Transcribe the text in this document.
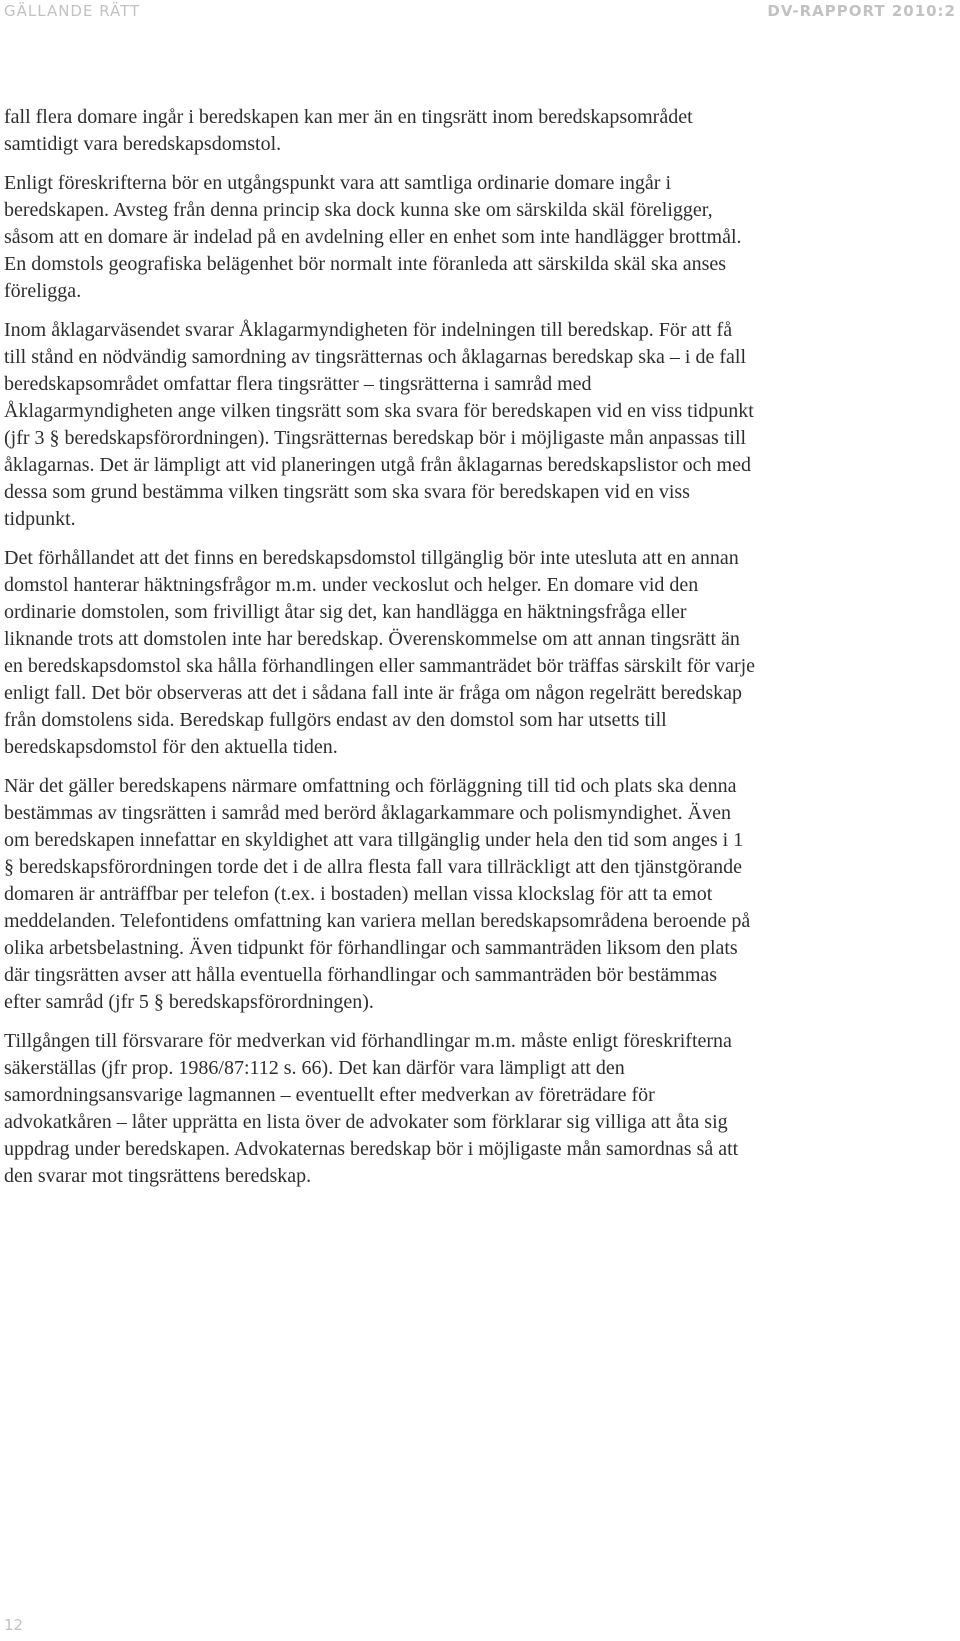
GÄLLANDE RÄTT	DV-RAPPORT 2010:2

fall flera domare ingår i beredskapen kan mer än en tingsrätt inom beredskapsområdet samtidigt vara beredskapsdomstol.

Enligt föreskrifterna bör en utgångspunkt vara att samtliga ordinarie domare ingår i beredskapen. Avsteg från denna princip ska dock kunna ske om särskilda skäl föreligger, såsom att en domare är indelad på en avdelning eller en enhet som inte handlägger brottmål. En domstols geografiska belägenhet bör normalt inte föranleda att särskilda skäl ska anses föreligga.

Inom åklagarväsendet svarar Åklagarmyndigheten för indelningen till beredskap. För att få till stånd en nödvändig samordning av tingsrätternas och åklagarnas beredskap ska – i de fall beredskapsområdet omfattar flera tingsrätter – tingsrätterna i samråd med Åklagarmyndigheten ange vilken tingsrätt som ska svara för beredskapen vid en viss tidpunkt (jfr 3 § beredskapsförordningen). Tingsrätternas beredskap bör i möjligaste mån anpassas till åklagarnas. Det är lämpligt att vid planeringen utgå från åklagarnas beredskapslistor och med dessa som grund bestämma vilken tingsrätt som ska svara för beredskapen vid en viss tidpunkt.

Det förhållandet att det finns en beredskapsdomstol tillgänglig bör inte utesluta att en annan domstol hanterar häktningsfrågor m.m. under veckoslut och helger. En domare vid den ordinarie domstolen, som frivilligt åtar sig det, kan handlägga en häktningsfråga eller liknande trots att domstolen inte har beredskap. Överenskommelse om att annan tingsrätt än en beredskapsdomstol ska hålla förhandlingen eller sammanträdet bör träffas särskilt för varje enligt fall. Det bör observeras att det i sådana fall inte är fråga om någon regelrätt beredskap från domstolens sida. Beredskap fullgörs endast av den domstol som har utsetts till beredskapsdomstol för den aktuella tiden.

När det gäller beredskapens närmare omfattning och förläggning till tid och plats ska denna bestämmas av tingsrätten i samråd med berörd åklagarkammare och polismyndighet. Även om beredskapen innefattar en skyldighet att vara tillgänglig under hela den tid som anges i 1 § beredskapsförordningen torde det i de allra flesta fall vara tillräckligt att den tjänstgörande domaren är anträffbar per telefon (t.ex. i bostaden) mellan vissa klockslag för att ta emot meddelanden. Telefontidens omfattning kan variera mellan beredskapsområdena beroende på olika arbetsbelastning. Även tidpunkt för förhandlingar och sammanträden liksom den plats där tingsrätten avser att hålla eventuella förhandlingar och sammanträden bör bestämmas efter samråd (jfr 5 § beredskapsförordningen).

Tillgången till försvarare för medverkan vid förhandlingar m.m. måste enligt föreskrifterna säkerställas (jfr prop. 1986/87:112 s. 66). Det kan därför vara lämpligt att den samordningsansvarige lagmannen – eventuellt efter medverkan av företrädare för advokatkåren – låter upprätta en lista över de advokater som förklarar sig villiga att åta sig uppdrag under beredskapen. Advokaternas beredskap bör i möjligaste mån samordnas så att den svarar mot tingsrättens beredskap.

12
